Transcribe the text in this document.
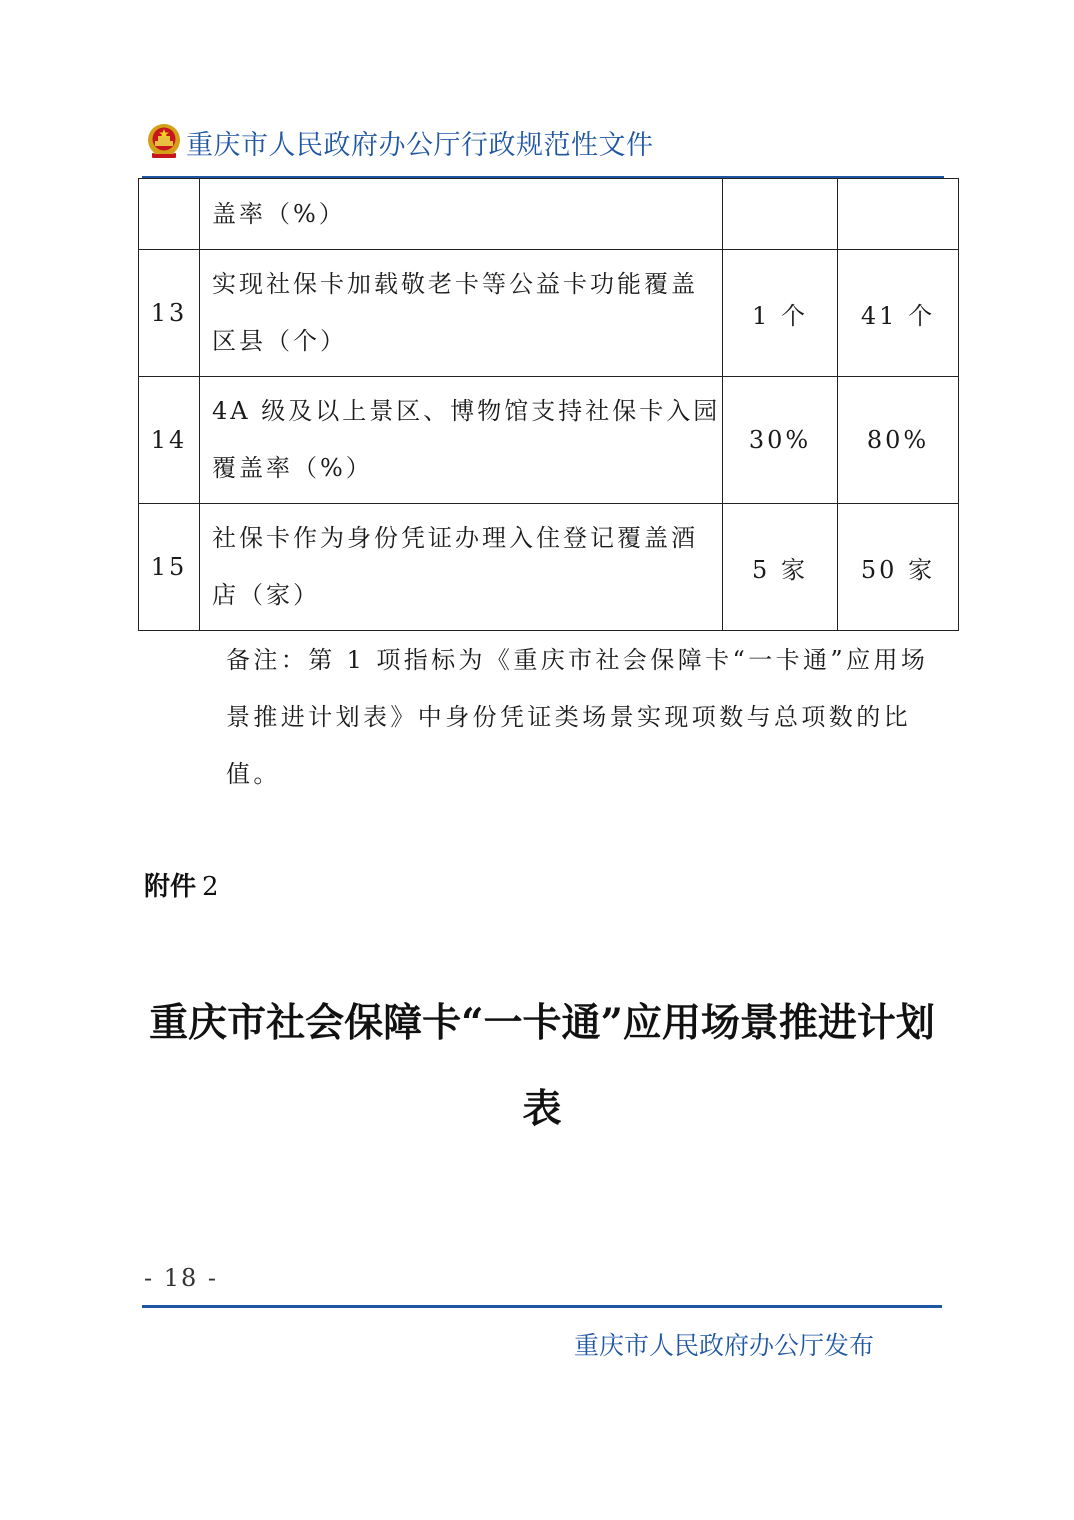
重庆市人民政府办公厅行政规范性文件
	盖率（%）		
13	实现社保卡加载敬老卡等公益卡功能覆盖区县（个）	1 个	41 个
14	4A 级及以上景区、博物馆支持社保卡入园覆盖率（%）	30%	80%
15	社保卡作为身份凭证办理入住登记覆盖酒店（家）	5 家	50 家
备注：第 1 项指标为《重庆市社会保障卡“一卡通”应用场景推进计划表》中身份凭证类场景实现项数与总项数的比值。
附件 2
重庆市社会保障卡“一卡通”应用场景推进计划表
- 18 -
重庆市人民政府办公厅发布
